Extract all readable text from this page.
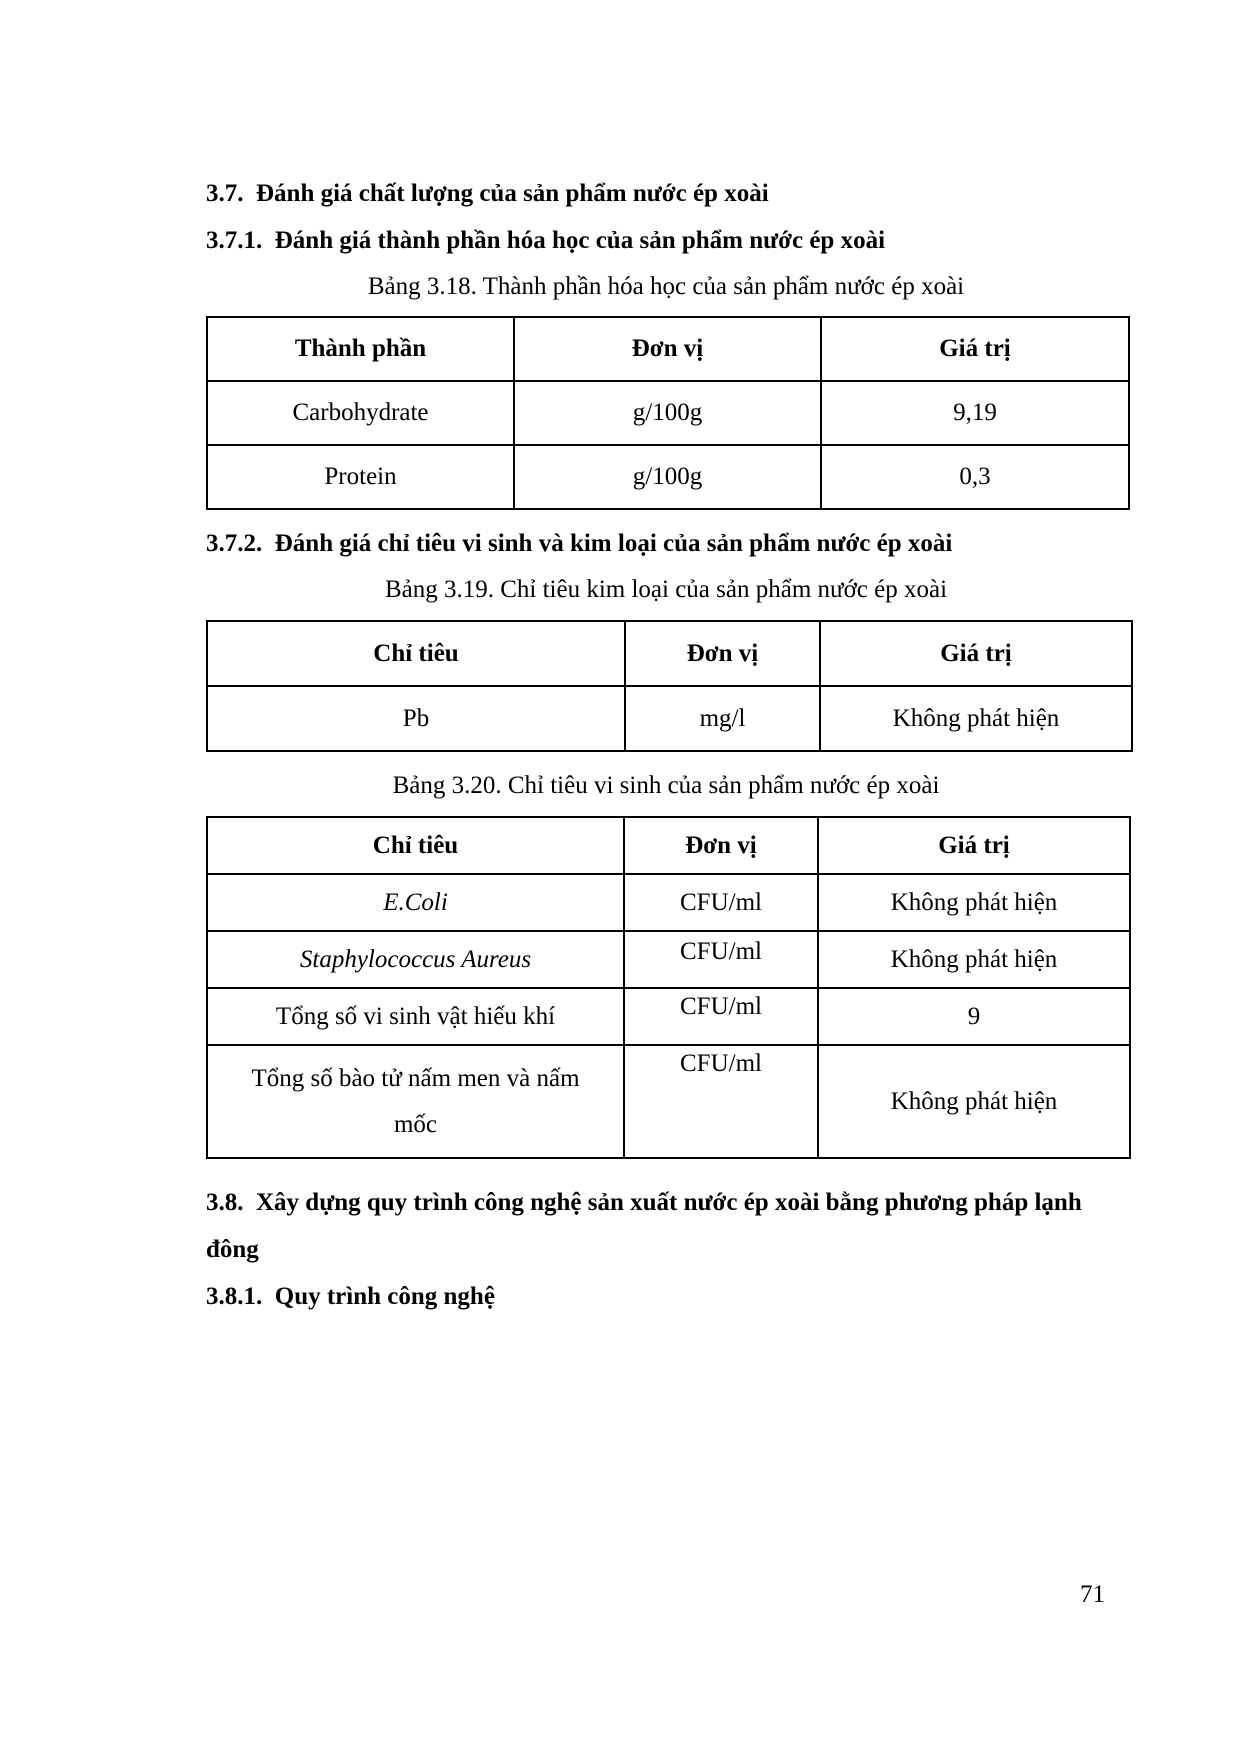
3.7. Đánh giá chất lượng của sản phẩm nước ép xoài
3.7.1. Đánh giá thành phần hóa học của sản phẩm nước ép xoài

Bảng 3.18. Thành phần hóa học của sản phẩm nước ép xoài

Thành phần	Đơn vị	Giá trị
Carbohydrate	g/100g	9,19
Protein	g/100g	0,3
3.7.2. Đánh giá chỉ tiêu vi sinh và kim loại của sản phẩm nước ép xoài

Bảng 3.19. Chỉ tiêu kim loại của sản phẩm nước ép xoài

Chỉ tiêu	Đơn vị	Giá trị
Pb	mg/l	Không phát hiện

Bảng 3.20. Chỉ tiêu vi sinh của sản phẩm nước ép xoài

Chỉ tiêu	Đơn vị	Giá trị
E.Coli	CFU/ml	Không phát hiện
Staphylococcus Aureus	CFU/ml	Không phát hiện
Tổng số vi sinh vật hiếu khí	CFU/ml	9
Tổng số bào tử nấm men và nấm mốc	CFU/ml	Không phát hiện
3.8. Xây dựng quy trình công nghệ sản xuất nước ép xoài bằng phương pháp lạnh đông
3.8.1. Quy trình công nghệ
71
